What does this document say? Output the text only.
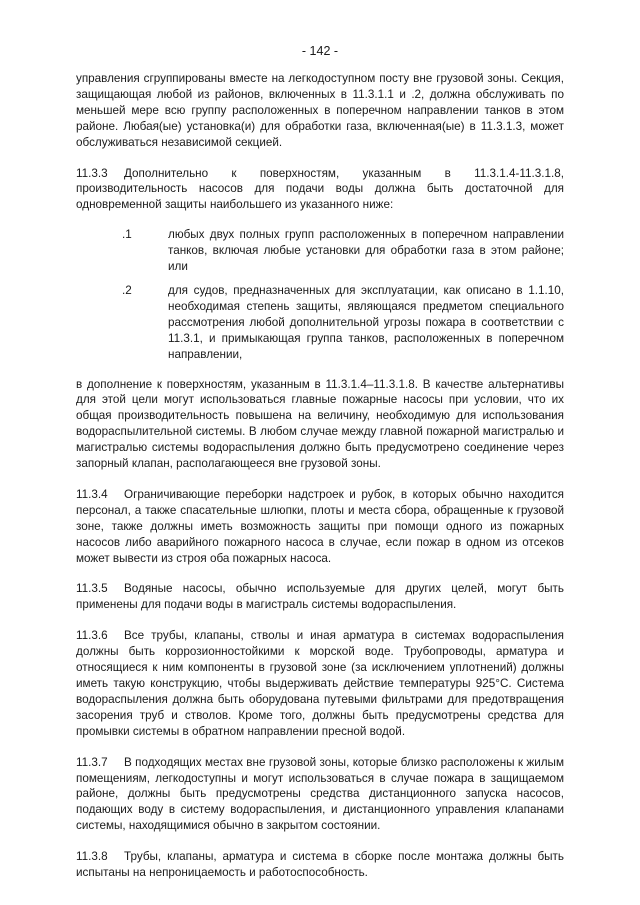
- 142 -

управления сгруппированы вместе на легкодоступном посту вне грузовой зоны. Секция, защищающая любой из районов, включенных в 11.3.1.1 и .2, должна обслуживать по меньшей мере всю группу расположенных в поперечном направлении танков в этом районе. Любая(ые) установка(и) для обработки газа, включенная(ые) в 11.3.1.3, может обслуживаться независимой секцией.

11.3.3 Дополнительно к поверхностям, указанным в 11.3.1.4-11.3.1.8, производительность насосов для подачи воды должна быть достаточной для одновременной защиты наибольшего из указанного ниже:

.1	любых двух полных групп расположенных в поперечном направлении танков, включая любые установки для обработки газа в этом районе; или
.2	для судов, предназначенных для эксплуатации, как описано в 1.1.10, необходимая степень защиты, являющаяся предметом специального рассмотрения любой дополнительной угрозы пожара в соответствии с 11.3.1, и примыкающая группа танков, расположенных в поперечном направлении,

в дополнение к поверхностям, указанным в 11.3.1.4–11.3.1.8. В качестве альтернативы для этой цели могут использоваться главные пожарные насосы при условии, что их общая производительность повышена на величину, необходимую для использования водораспылительной системы. В любом случае между главной пожарной магистралью и магистралью системы водораспыления должно быть предусмотрено соединение через запорный клапан, располагающееся вне грузовой зоны.

11.3.4 Ограничивающие переборки надстроек и рубок, в которых обычно находится персонал, а также спасательные шлюпки, плоты и места сбора, обращенные к грузовой зоне, также должны иметь возможность защиты при помощи одного из пожарных насосов либо аварийного пожарного насоса в случае, если пожар в одном из отсеков может вывести из строя оба пожарных насоса.

11.3.5 Водяные насосы, обычно используемые для других целей, могут быть применены для подачи воды в магистраль системы водораспыления.

11.3.6 Все трубы, клапаны, стволы и иная арматура в системах водораспыления должны быть коррозионностойкими к морской воде. Трубопроводы, арматура и относящиеся к ним компоненты в грузовой зоне (за исключением уплотнений) должны иметь такую конструкцию, чтобы выдерживать действие температуры 925°C. Система водораспыления должна быть оборудована путевыми фильтрами для предотвращения засорения труб и стволов. Кроме того, должны быть предусмотрены средства для промывки системы в обратном направлении пресной водой.

11.3.7 В подходящих местах вне грузовой зоны, которые близко расположены к жилым помещениям, легкодоступны и могут использоваться в случае пожара в защищаемом районе, должны быть предусмотрены средства дистанционного запуска насосов, подающих воду в систему водораспыления, и дистанционного управления клапанами системы, находящимися обычно в закрытом состоянии.

11.3.8 Трубы, клапаны, арматура и система в сборке после монтажа должны быть испытаны на непроницаемость и работоспособность.
